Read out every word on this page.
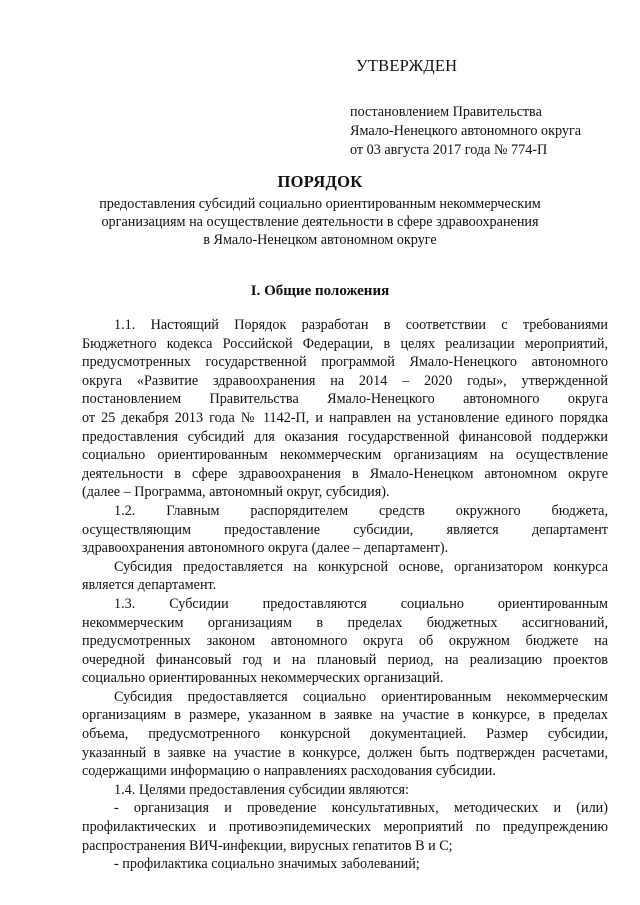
УТВЕРЖДЕН
постановлением Правительства
Ямало-Ненецкого автономного округа
от 03 августа 2017 года № 774-П
ПОРЯДОК
предоставления субсидий социально ориентированным некоммерческим
организациям на осуществление деятельности в сфере здравоохранения
в Ямало-Ненецком автономном округе
I. Общие положения
1.1. Настоящий Порядок разработан в соответствии с требованиями
Бюджетного кодекса Российской Федерации, в целях реализации мероприятий,
предусмотренных государственной программой Ямало-Ненецкого автономного
округа «Развитие здравоохранения на 2014 – 2020 годы», утвержденной
постановлением Правительства Ямало-Ненецкого автономного округа
от 25 декабря 2013 года № 1142-П, и направлен на установление единого порядка
предоставления субсидий для оказания государственной финансовой поддержки
социально ориентированным некоммерческим организациям на осуществление
деятельности в сфере здравоохранения в Ямало-Ненецком автономном округе
(далее – Программа, автономный округ, субсидия).
1.2. Главным распорядителем средств окружного бюджета,
осуществляющим предоставление субсидии, является департамент
здравоохранения автономного округа (далее – департамент).
Субсидия предоставляется на конкурсной основе, организатором конкурса
является департамент.
1.3. Субсидии предоставляются социально ориентированным
некоммерческим организациям в пределах бюджетных ассигнований,
предусмотренных законом автономного округа об окружном бюджете на
очередной финансовый год и на плановый период, на реализацию проектов
социально ориентированных некоммерческих организаций.
Субсидия предоставляется социально ориентированным некоммерческим
организациям в размере, указанном в заявке на участие в конкурсе, в пределах
объема, предусмотренного конкурсной документацией. Размер субсидии,
указанный в заявке на участие в конкурсе, должен быть подтвержден расчетами,
содержащими информацию о направлениях расходования субсидии.
1.4. Целями предоставления субсидии являются:
- организация и проведение консультативных, методических и (или)
профилактических и противоэпидемических мероприятий по предупреждению
распространения ВИЧ-инфекции, вирусных гепатитов В и С;
- профилактика социально значимых заболеваний;
